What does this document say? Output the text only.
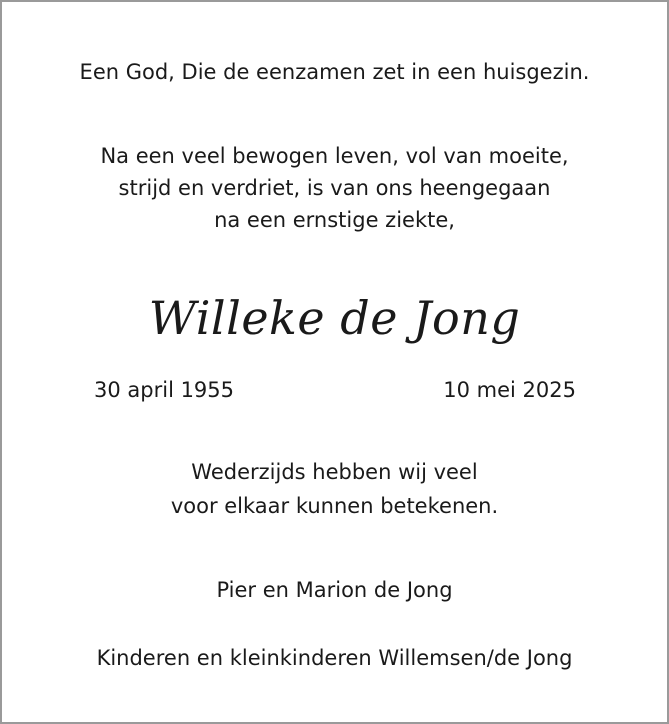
Een God, Die de eenzamen zet in een huisgezin.
Na een veel bewogen leven, vol van moeite,
strijd en verdriet, is van ons heengegaan
na een ernstige ziekte,
Willeke de Jong
30 april 1955	10 mei 2025
Wederzijds hebben wij veel
voor elkaar kunnen betekenen.
Pier en Marion de Jong
Kinderen en kleinkinderen Willemsen/de Jong
